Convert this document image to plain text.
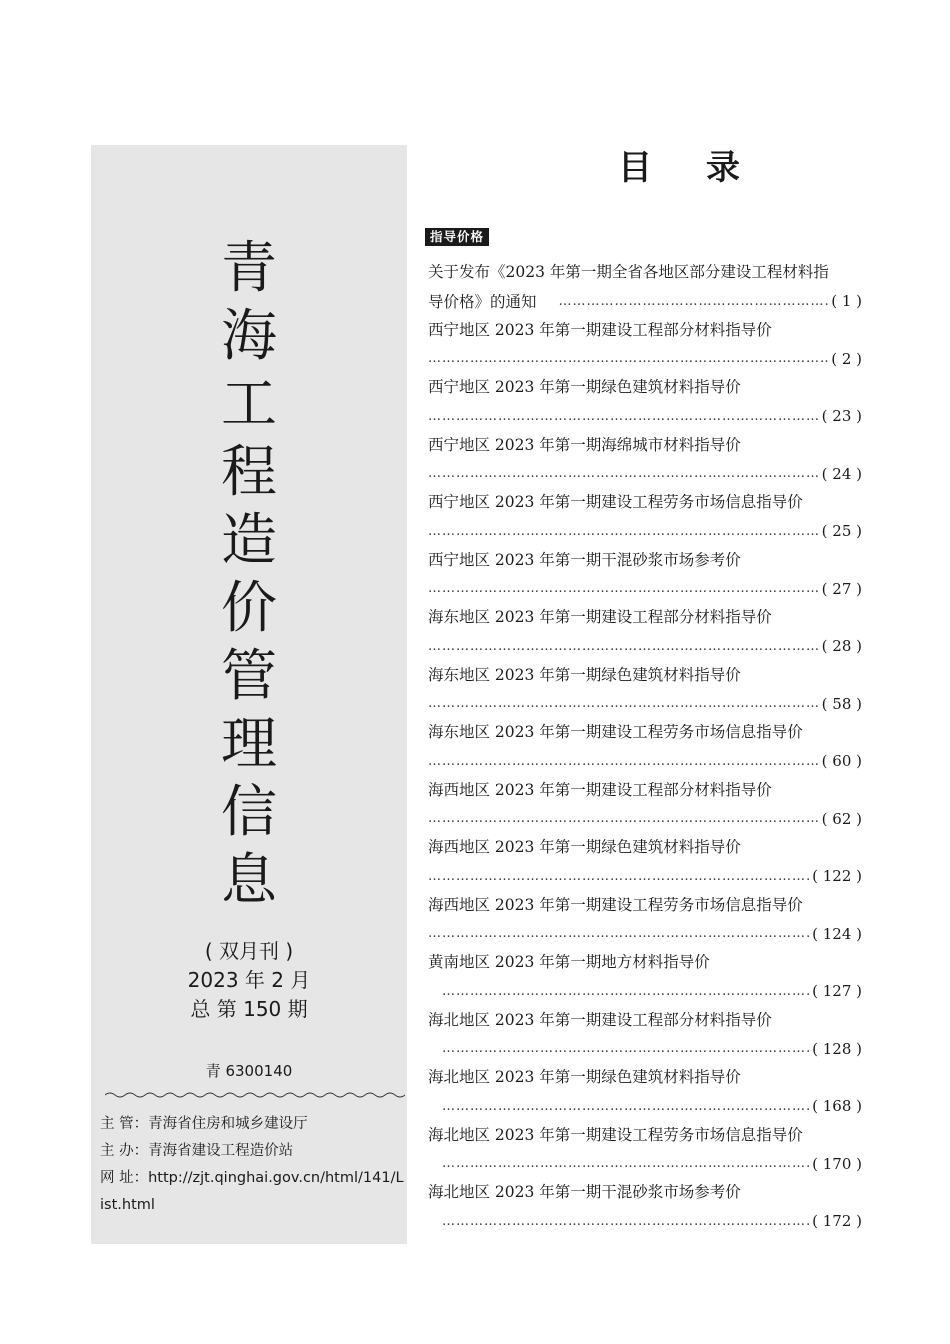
青
海
工
程
造
价
管
理
信
息
( 双月刊 )
2023 年 2 月
总 第 150 期
青 6300140
主 管：青海省住房和城乡建设厅
主 办：青海省建设工程造价站
网 址：http://zjt.qinghai.gov.cn/html/141/List.html
目录
指导价格
关于发布《2023 年第一期全省各地区部分建设工程材料指
导价格》的通知
…………………………………………………………………………………………………………………………………	( 1 )
西宁地区 2023 年第一期建设工程部分材料指导价
…………………………………………………………………………………………………………………………………
( 2 )
西宁地区 2023 年第一期绿色建筑材料指导价
…………………………………………………………………………………………………………………………………
( 23 )
西宁地区 2023 年第一期海绵城市材料指导价
…………………………………………………………………………………………………………………………………
( 24 )
西宁地区 2023 年第一期建设工程劳务市场信息指导价
…………………………………………………………………………………………………………………………………
( 25 )
西宁地区 2023 年第一期干混砂浆市场参考价
…………………………………………………………………………………………………………………………………
( 27 )
海东地区 2023 年第一期建设工程部分材料指导价
…………………………………………………………………………………………………………………………………
( 28 )
海东地区 2023 年第一期绿色建筑材料指导价
…………………………………………………………………………………………………………………………………
( 58 )
海东地区 2023 年第一期建设工程劳务市场信息指导价
…………………………………………………………………………………………………………………………………
( 60 )
海西地区 2023 年第一期建设工程部分材料指导价
…………………………………………………………………………………………………………………………………
( 62 )
海西地区 2023 年第一期绿色建筑材料指导价
…………………………………………………………………………………………………………………………………
( 122 )
海西地区 2023 年第一期建设工程劳务市场信息指导价
…………………………………………………………………………………………………………………………………
( 124 )
黄南地区 2023 年第一期地方材料指导价
…………………………………………………………………………………………………………………………………
( 127 )
海北地区 2023 年第一期建设工程部分材料指导价
…………………………………………………………………………………………………………………………………
( 128 )
海北地区 2023 年第一期绿色建筑材料指导价
…………………………………………………………………………………………………………………………………
( 168 )
海北地区 2023 年第一期建设工程劳务市场信息指导价
…………………………………………………………………………………………………………………………………
( 170 )
海北地区 2023 年第一期干混砂浆市场参考价
…………………………………………………………………………………………………………………………………
( 172 )
